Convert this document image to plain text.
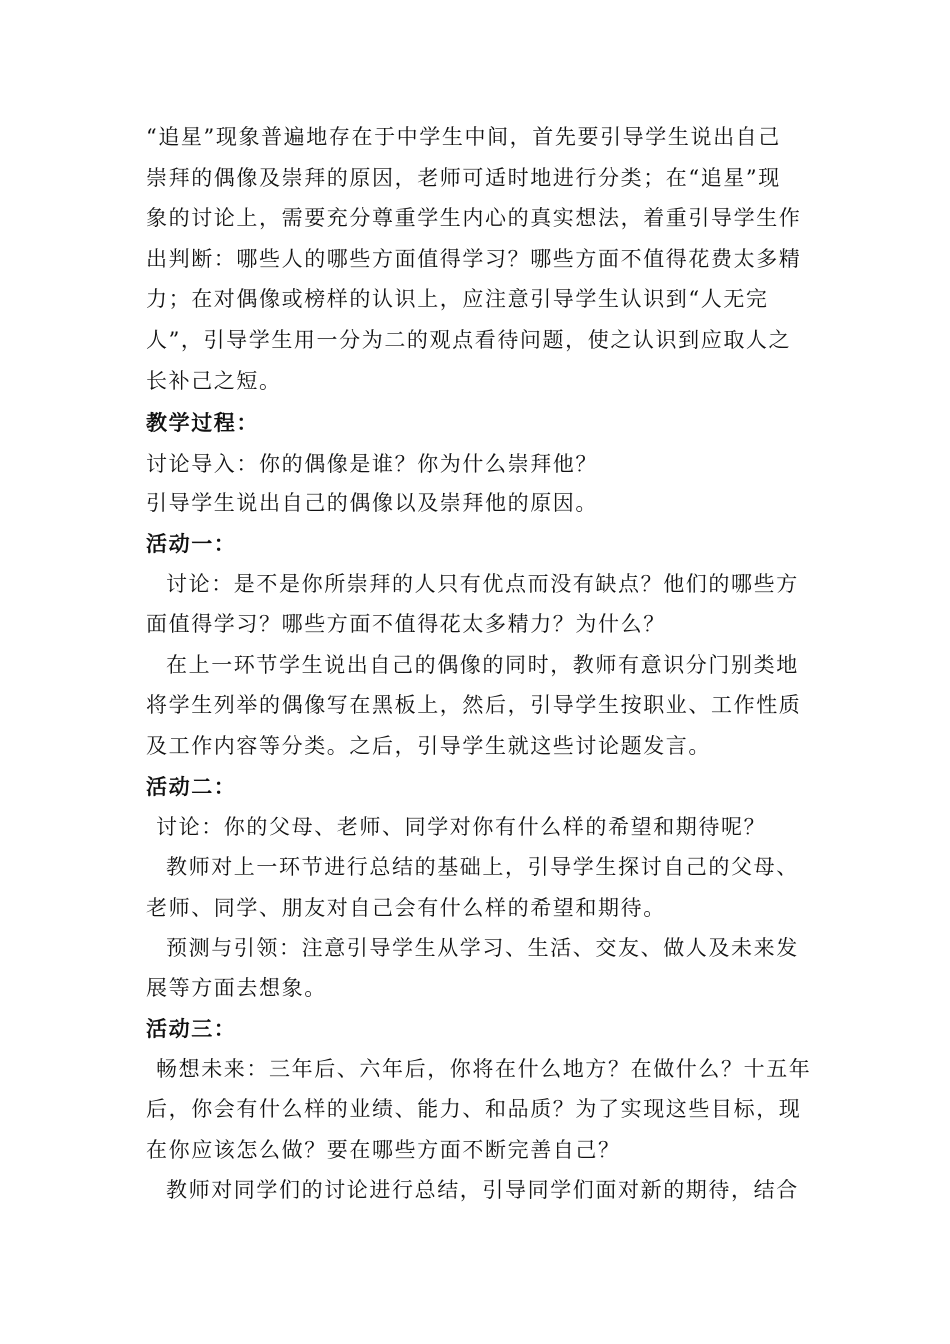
“追星”现象普遍地存在于中学生中间，首先要引导学生说出自己
崇拜的偶像及崇拜的原因，老师可适时地进行分类；在“追星”现
象的讨论上，需要充分尊重学生内心的真实想法，着重引导学生作
出判断：哪些人的哪些方面值得学习？哪些方面不值得花费太多精
力；在对偶像或榜样的认识上，应注意引导学生认识到“人无完
人”，引导学生用一分为二的观点看待问题，使之认识到应取人之
长补己之短。
教学过程：
讨论导入：你的偶像是谁？你为什么崇拜他？
引导学生说出自己的偶像以及崇拜他的原因。
活动一：
讨论：是不是你所崇拜的人只有优点而没有缺点？他们的哪些方
面值得学习？哪些方面不值得花太多精力？为什么？
在上一环节学生说出自己的偶像的同时，教师有意识分门别类地
将学生列举的偶像写在黑板上，然后，引导学生按职业、工作性质
及工作内容等分类。之后，引导学生就这些讨论题发言。
活动二：
讨论：你的父母、老师、同学对你有什么样的希望和期待呢？
教师对上一环节进行总结的基础上，引导学生探讨自己的父母、
老师、同学、朋友对自己会有什么样的希望和期待。
预测与引领：注意引导学生从学习、生活、交友、做人及未来发
展等方面去想象。
活动三：
畅想未来：三年后、六年后，你将在什么地方？在做什么？十五年
后，你会有什么样的业绩、能力、和品质？为了实现这些目标，现
在你应该怎么做？要在哪些方面不断完善自己？
教师对同学们的讨论进行总结，引导同学们面对新的期待，结合
